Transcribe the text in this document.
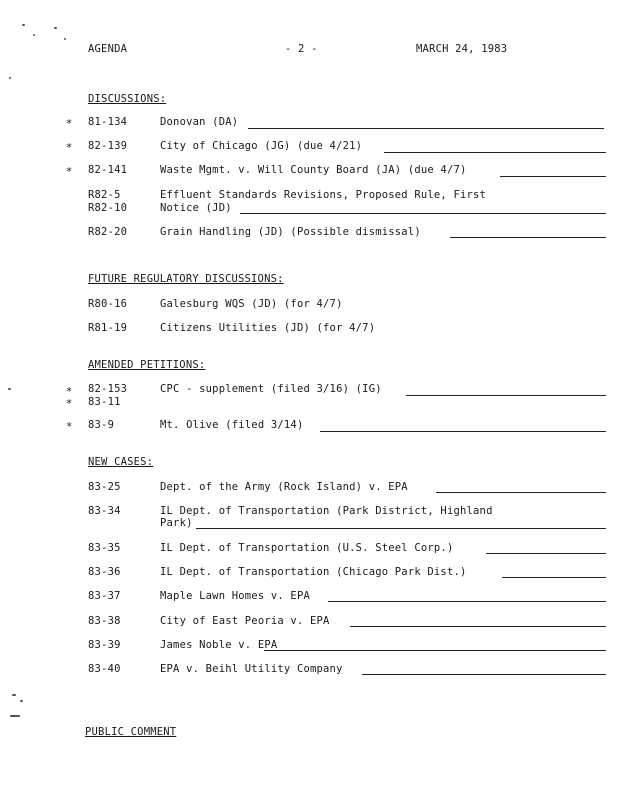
AGENDA	- 2 -	MARCH 24, 1983
DISCUSSIONS:
* 81-134	Donovan (DA)
* 82-139	City of Chicago (JG) (due 4/21)
* 82-141	Waste Mgmt. v. Will County Board (JA) (due 4/7)
R82-5	Effluent Standards Revisions, Proposed Rule, First
R82-10	Notice (JD)
R82-20	Grain Handling (JD) (Possible dismissal)
FUTURE REGULATORY DISCUSSIONS:
R80-16	Galesburg WQS (JD) (for 4/7)
R81-19	Citizens Utilities (JD) (for 4/7)
AMENDED PETITIONS:
* 82-153	CPC - supplement (filed 3/16) (IG)
* 83-11
* 83-9	Mt. Olive (filed 3/14)
NEW CASES:
83-25	Dept. of the Army (Rock Island) v. EPA
83-34	IL Dept. of Transportation (Park District, Highland
Park)
83-35	IL Dept. of Transportation (U.S. Steel Corp.)
83-36	IL Dept. of Transportation (Chicago Park Dist.)
83-37	Maple Lawn Homes v. EPA
83-38	City of East Peoria v. EPA
83-39	James Noble v. EPA
83-40	EPA v. Beihl Utility Company
PUBLIC COMMENT
